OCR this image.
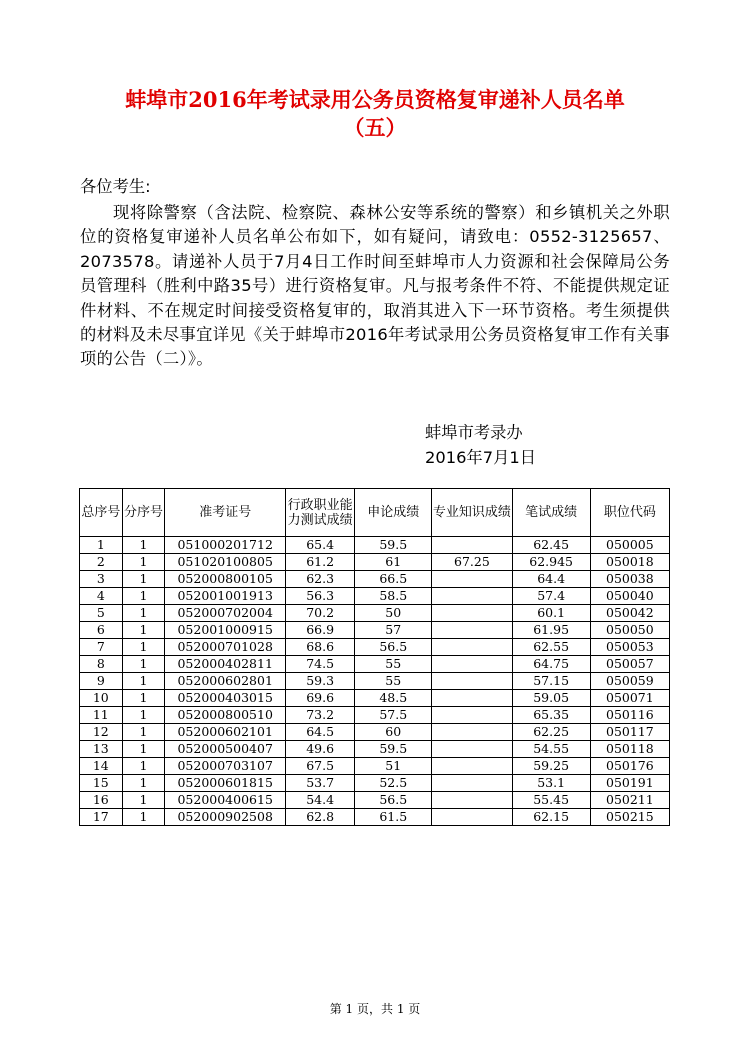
蚌埠市2016年考试录用公务员资格复审递补人员名单
（五）
各位考生:
现将除警察（含法院、检察院、森林公安等系统的警察）和乡镇机关之外职位的资格复审递补人员名单公布如下，如有疑问，请致电：0552-3125657、2073578。请递补人员于7月4日工作时间至蚌埠市人力资源和社会保障局公务员管理科（胜利中路35号）进行资格复审。凡与报考条件不符、不能提供规定证件材料、不在规定时间接受资格复审的，取消其进入下一环节资格。考生须提供的材料及未尽事宜详见《关于蚌埠市2016年考试录用公务员资格复审工作有关事项的公告（二）》。
蚌埠市考录办
2016年7月1日
总序号	分序号	准考证号	行政职业能力测试成绩	申论成绩	专业知识成绩	笔试成绩	职位代码
1	1	051000201712	65.4	59.5		62.45	050005
2	1	051020100805	61.2	61	67.25	62.945	050018
3	1	052000800105	62.3	66.5		64.4	050038
4	1	052001001913	56.3	58.5		57.4	050040
5	1	052000702004	70.2	50		60.1	050042
6	1	052001000915	66.9	57		61.95	050050
7	1	052000701028	68.6	56.5		62.55	050053
8	1	052000402811	74.5	55		64.75	050057
9	1	052000602801	59.3	55		57.15	050059
10	1	052000403015	69.6	48.5		59.05	050071
11	1	052000800510	73.2	57.5		65.35	050116
12	1	052000602101	64.5	60		62.25	050117
13	1	052000500407	49.6	59.5		54.55	050118
14	1	052000703107	67.5	51		59.25	050176
15	1	052000601815	53.7	52.5		53.1	050191
16	1	052000400615	54.4	56.5		55.45	050211
17	1	052000902508	62.8	61.5		62.15	050215
第 1 页，共 1 页
